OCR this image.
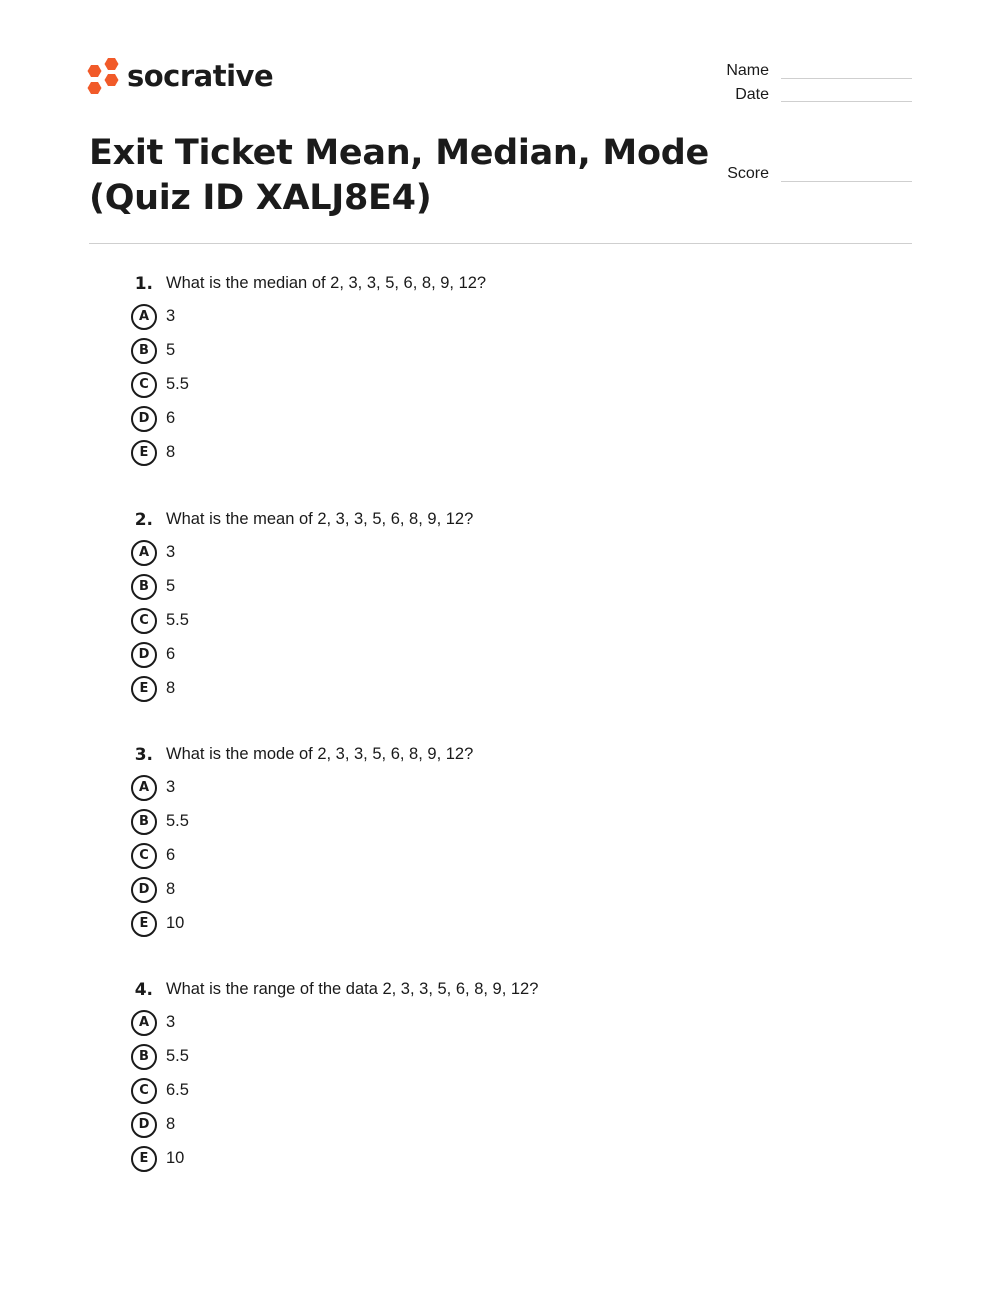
socrative
Exit Ticket Mean, Median, Mode (Quiz ID XALJ8E4)
Name
Date
Score
1. What is the median of 2, 3, 3, 5, 6, 8, 9, 12?
A	3
B	5
C	5.5
D	6
E	8
2. What is the mean of 2, 3, 3, 5, 6, 8, 9, 12?
A	3
B	5
C	5.5
D	6
E	8
3. What is the mode of 2, 3, 3, 5, 6, 8, 9, 12?
A	3
B	5.5
C	6
D	8
E	10
4. What is the range of the data 2, 3, 3, 5, 6, 8, 9, 12?
A	3
B	5.5
C	6.5
D	8
E	10
